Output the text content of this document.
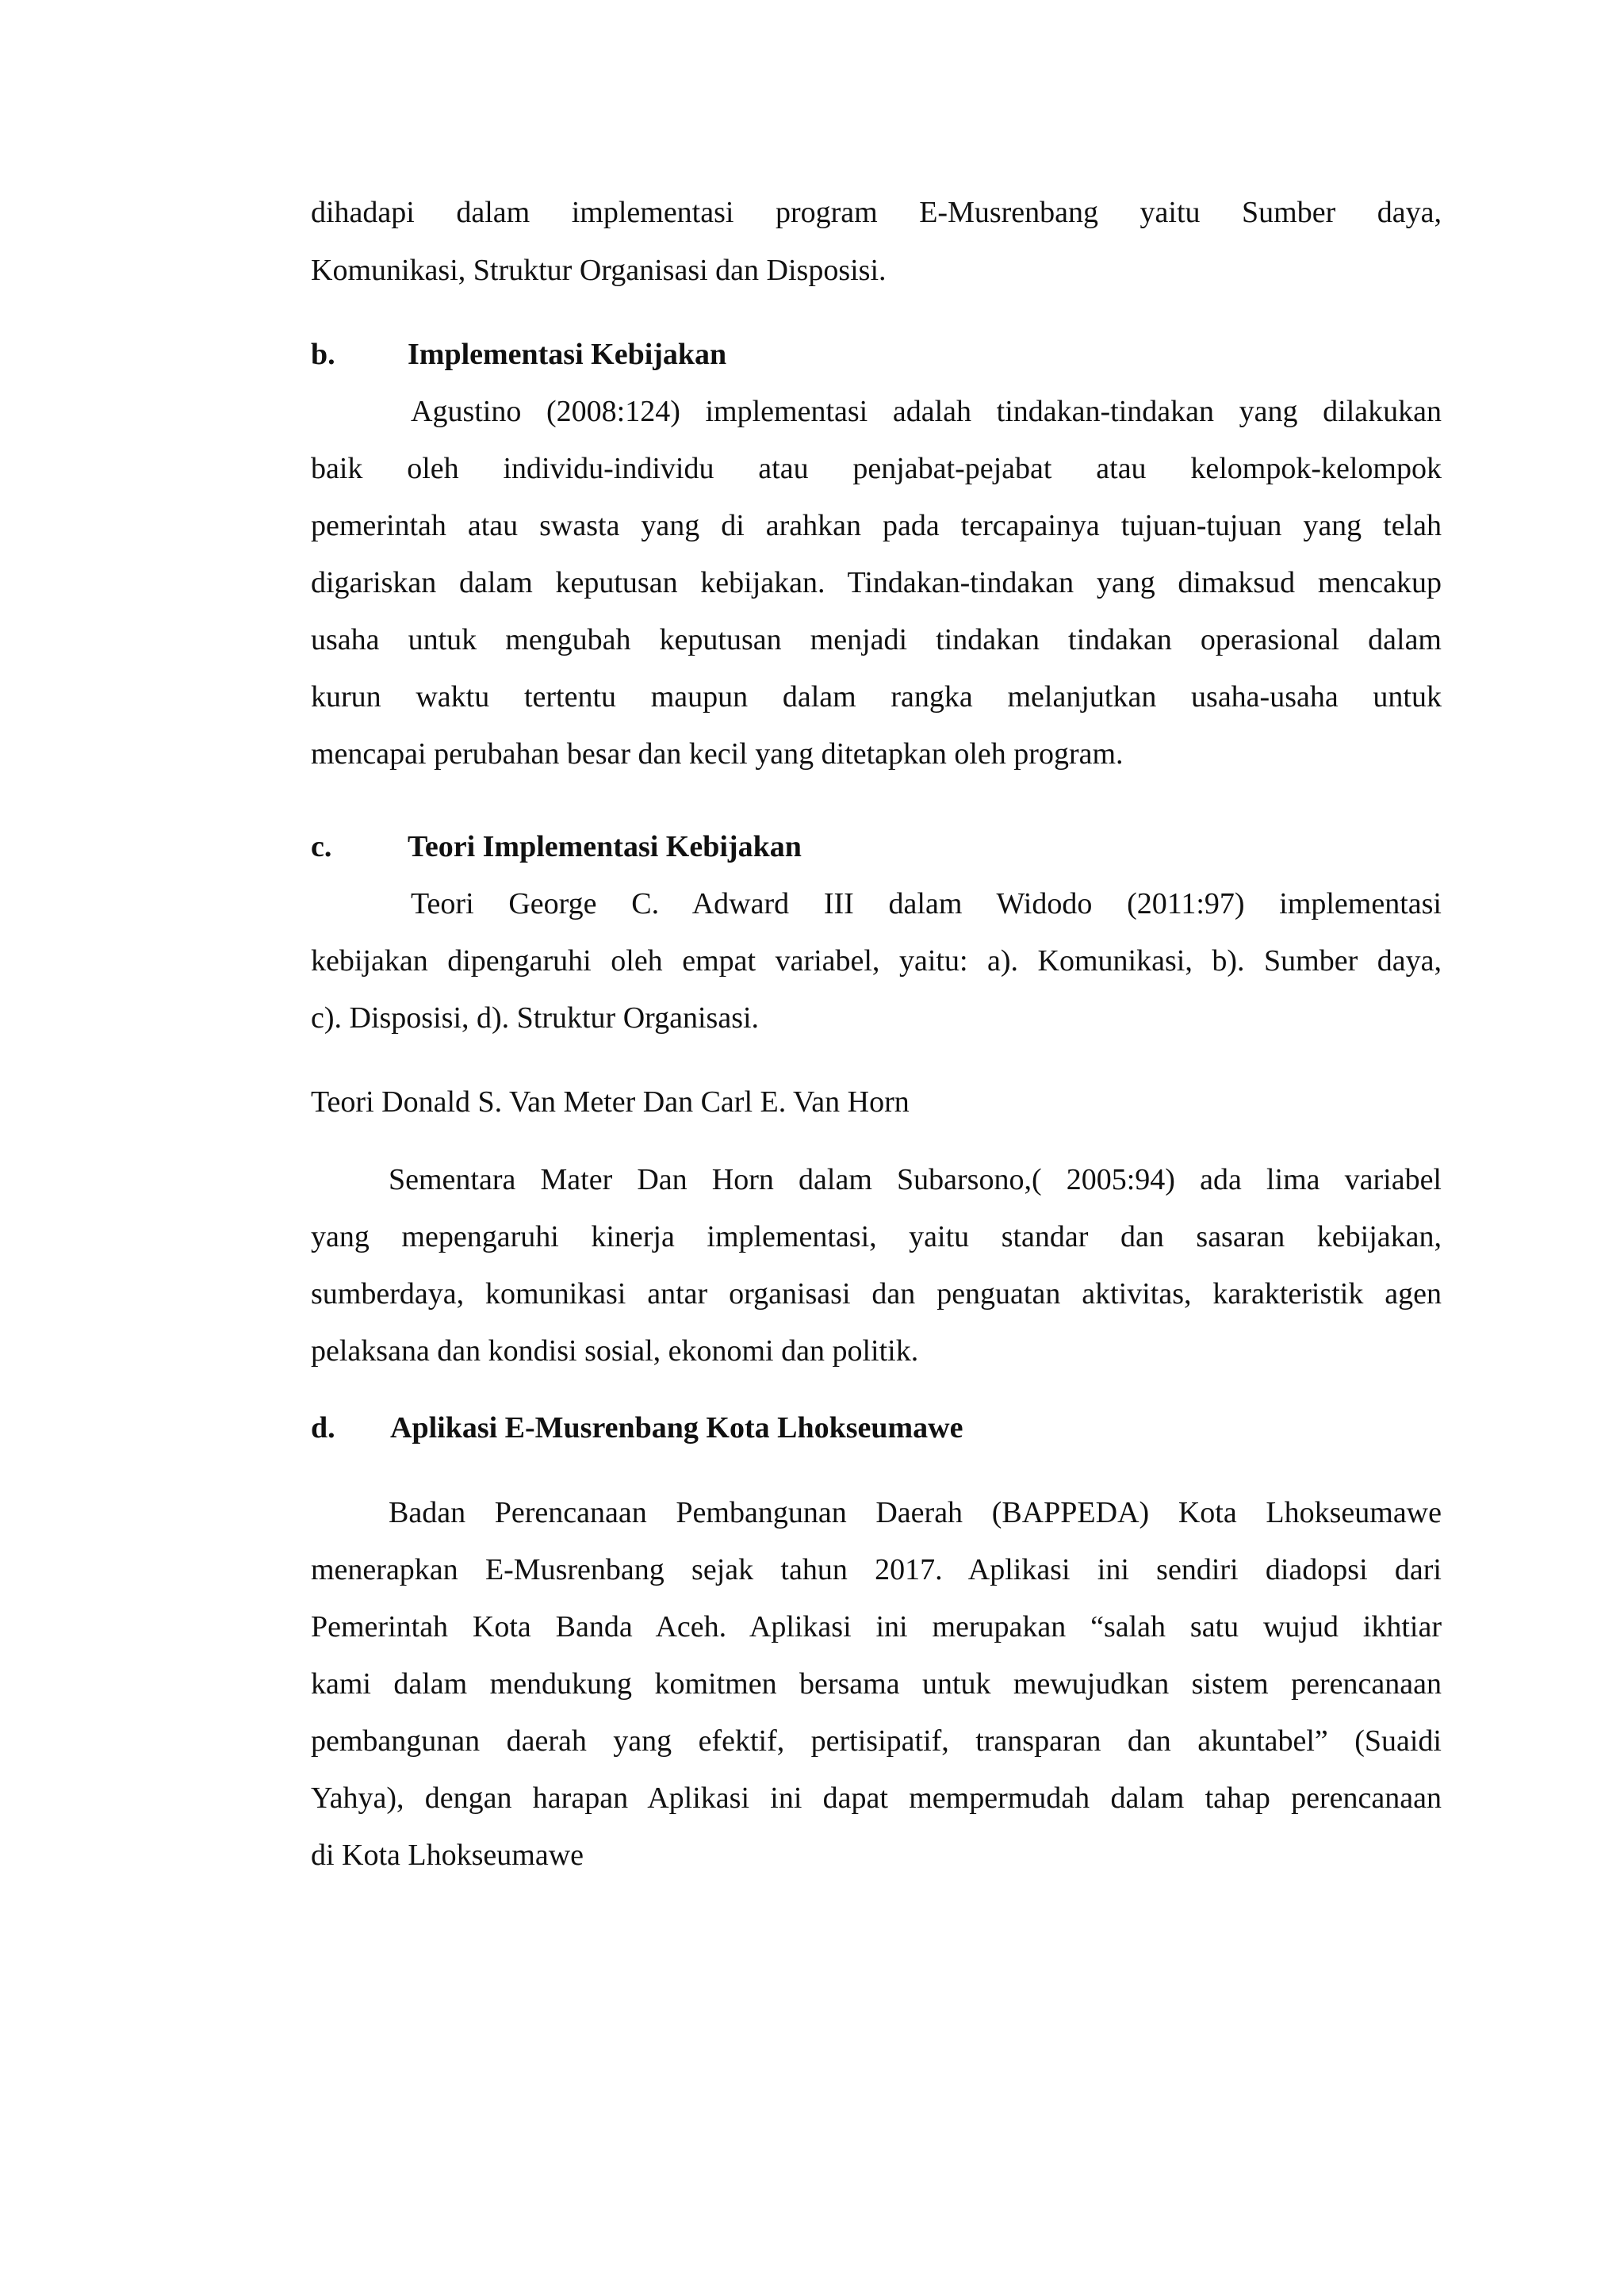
dihadapi dalam implementasi program E-Musrenbang yaitu Sumber daya,
Komunikasi, Struktur Organisasi dan Disposisi.
b. Implementasi Kebijakan
Agustino (2008:124) implementasi adalah tindakan-tindakan yang dilakukan
baik oleh individu-individu atau penjabat-pejabat atau kelompok-kelompok
pemerintah atau swasta yang di arahkan pada tercapainya tujuan-tujuan yang telah
digariskan dalam keputusan kebijakan. Tindakan-tindakan yang dimaksud mencakup
usaha untuk mengubah keputusan menjadi tindakan tindakan operasional dalam
kurun waktu tertentu maupun dalam rangka melanjutkan usaha-usaha untuk
mencapai perubahan besar dan kecil yang ditetapkan oleh program.
c.	Teori Implementasi Kebijakan
Teori George C. Adward III dalam Widodo (2011:97) implementasi
kebijakan dipengaruhi oleh empat variabel, yaitu: a). Komunikasi, b). Sumber daya,
c). Disposisi, d). Struktur Organisasi.
Teori Donald S. Van Meter Dan Carl E. Van Horn
Sementara Mater Dan Horn dalam Subarsono,( 2005:94) ada lima variabel
yang mepengaruhi kinerja implementasi, yaitu standar dan sasaran kebijakan,
sumberdaya, komunikasi antar organisasi dan penguatan aktivitas, karakteristik agen
pelaksana dan kondisi sosial, ekonomi dan politik.
d. Aplikasi E-Musrenbang Kota Lhokseumawe
Badan Perencanaan Pembangunan Daerah (BAPPEDA) Kota Lhokseumawe
menerapkan E-Musrenbang sejak tahun 2017. Aplikasi ini sendiri diadopsi dari
Pemerintah Kota Banda Aceh. Aplikasi ini merupakan “salah satu wujud ikhtiar
kami dalam mendukung komitmen bersama untuk mewujudkan sistem perencanaan
pembangunan daerah yang efektif, pertisipatif, transparan dan akuntabel” (Suaidi
Yahya), dengan harapan Aplikasi ini dapat mempermudah dalam tahap perencanaan
di Kota Lhokseumawe
